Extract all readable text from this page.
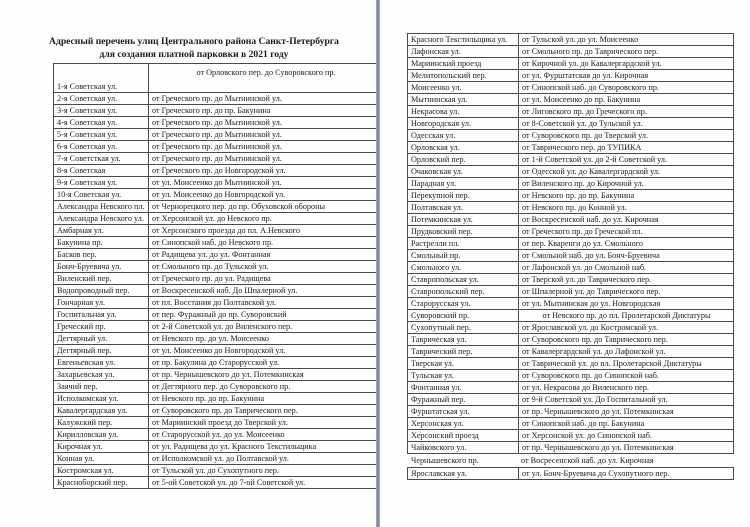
Адресный перечень улиц Центрального района Санкт-Петербурга для создания платной парковки в 2021 году
1-я Советская ул.	от Орловского пер. до Суворовского пр.
2-я Советская ул.	от Греческого пр. до Мытнинской ул.
3-я Советская ул.	от Греческого пр. до пр. Бакунина
4-я Советская ул.	от Греческого пр. до Мытнинской ул.
5-я Советская ул.	от Греческого пр. до Мытнинской ул.
6-я Советская ул.	от Греческого пр. до Мытнинской ул.
7-я Советсткая ул.	от Греческого пр. до Мытнинской ул.
8-я Советская	от Греческого пр. до Новгородской ул.
9-я Советская ул.	от ул. Моисеенко до Мытнинской ул.
10-я Советская ул.	от ул. Моисеенко до Новгородской ул.
Александра Невского пл.	от Чернорецкого пер. до пр. Обуховской обороны
Александра Невского ул.	от Херсонской ул. до Невского пр.
Амбарная ул.	от Херсонского проезда до пл. А.Невского
Бакунина пр.	от Синопской наб. до Невского пр.
Басков пер.	от Радищева ул. до ул. Фонтанная
Бонч-Бруевича ул.	от Смольного пр. до Тульской ул.
Виленский пер.	от Греческого пр. до ул. Радищева
Водопроводный пер.	от Воскресенской наб. До Шпалерной ул.
Гончарная ул.	от пл. Восстания до Полтавской ул.
Госпитальная ул.	от пер. Фуражный до пр. Суворовский
Греческий пр.	от 2-й Советской ул. до Виленского пер.
Дегтярный ул.	от Невского пр. до ул. Моисеенко
Дегтярный пер.	от ул. Моисеенко до Новгородской ул.
Евгеньевская ул.	от пр. Бакулина до Старорусской ул.
Захарьевская ул.	от пр. Чернышевского до ул. Потемкинская
Заячий пер.	от Дегтярного пер. до Суворовского пр.
Исполкомская ул.	от Невского пр. до пр. Бакунина
Кавалергардская ул.	от Суворовского пр. до Таврического пер.
Калужский пер.	от Мариинский проезд до Тверской ул.
Кирилловская ул.	от Старорусской ул. до ул. Моисеенко
Кирочная ул.	от ул. Радищева до ул. Красного Текстильщика
Конная ул.	от Исполкомской ул. до Полтавской ул.
Костромская ул.	от Тульской ул. до Сухопутного пер.
Красноборский пер.	от 5-ой Советской ул. до 7-ой Советской ул.
Красного Текстильщика ул.	от Тульской ул. до ул. Моисеенко
Лафонская ул.	от Смольного пр. до Таврического пер.
Мариинский проезд	от Кирочной ул. до Кавалергардской ул.
Мелитопольский пер.	от ул. Фурштатская до ул. Кирочная
Моисеенко ул.	от Синопской наб. до Суворовского пр.
Мытнинская ул.	от ул. Моисеенко до пр. Бакунина
Некрасова ул.	от Лиговского пр. до Греческого пр.
Новгородская ул.	от 8-Советской ул. до Тульской ул.
Одесская ул.	от Суворовского пр. до Тверской ул.
Орловская ул.	от Таврического пер. до ТУПИКА
Орловский пер.	от 1-й Советской ул. до 2-й Советской ул.
Очаковская ул.	от Одесской ул. до Кавалергардской ул.
Парадная ул.	от Виленского пр. до Кирочной ул.
Перекупной пер.	от Невского пр. до пр. Бакунина
Полтавская ул.	от Невского пр. до Конной ул.
Потемкинская ул.	от Воскресенской наб. до ул. Кирочная
Прудковский пер.	от Греческого пр. до Греческой пл.
Растрелли пл.	от пер. Кваренги до ул. Смольного
Смольный пр.	от Смольной наб. до ул. Бонч-Бруевича
Смольного ул.	от Лафонской ул. до Смольной наб.
Ставропольская ул.	от Тверской ул. до Таврического пер.
Ставропольский пер.	от Шпалерной ул. до Таврического пер.
Старорусская ул.	от ул. Мытнинская до ул. Новгородская
Суворовский пр.	от Невского пр. до пл. Пролетарской Диктатуры
Сухопутный пер.	от Ярославской ул. до Костромской ул.
Таврическая ул.	от Суворовского пр. до Таврического пер.
Таврический пер.	от Кавалергардской ул. до Лафонской ул.
Тверская ул.	от Таврической ул. до пл. Пролетарской Диктатуры
Тульская ул.	от Суворовского пр. до Синопской наб.
Фонтанная ул.	от ул. Некрасова до Виленского пер.
Фуражный пер.	от 9-й Советской ул. До Госпитальной ул.
Фурштатская ул.	от пр. Чернышевского до ул. Потемкинская
Херсонская ул.	от Синопской наб. до пр. Бакунина
Херсонский проезд	от Херсонской ул. до Синопской наб.
Чайковского ул.	от пр. Чернышевского до ул. Потемкинская
Чернышевского пр.	от Восресенской наб. до ул. Кирочная
Ярославская ул.	от ул. Бонч-Бруевича до Сухопутного пер.
